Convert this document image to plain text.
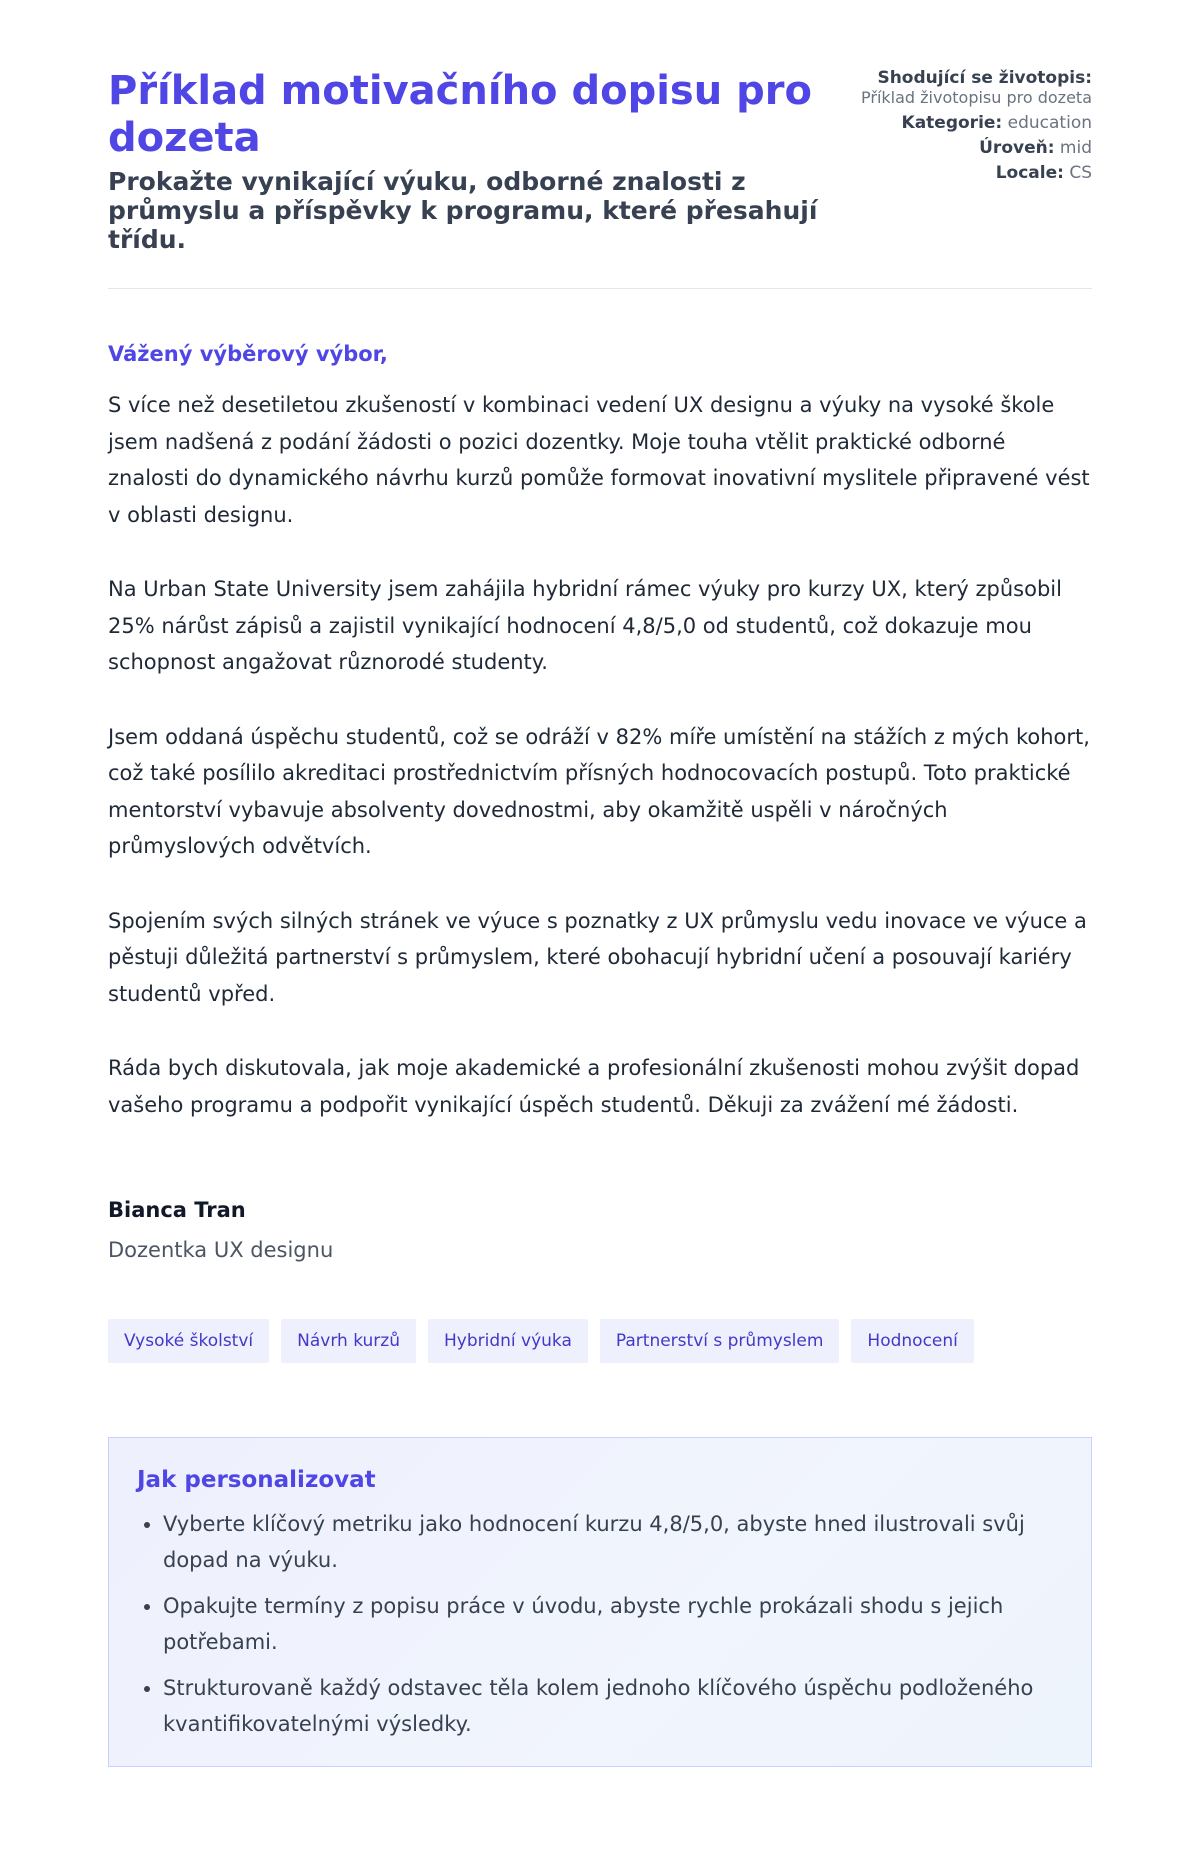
Příklad motivačního dopisu pro dozeta
Prokažte vynikající výuku, odborné znalosti z průmyslu a příspěvky k programu, které přesahují třídu.
Shodující se životopis:
Příklad životopisu pro dozeta
Kategorie: education
Úroveň: mid
Locale: CS

Vážený výběrový výbor,

S více než desetiletou zkušeností v kombinaci vedení UX designu a výuky na vysoké škole jsem nadšená z podání žádosti o pozici dozentky. Moje touha vtělit praktické odborné znalosti do dynamického návrhu kurzů pomůže formovat inovativní myslitele připravené vést v oblasti designu.

Na Urban State University jsem zahájila hybridní rámec výuky pro kurzy UX, který způsobil 25% nárůst zápisů a zajistil vynikající hodnocení 4,8/5,0 od studentů, což dokazuje mou schopnost angažovat různorodé studenty.

Jsem oddaná úspěchu studentů, což se odráží v 82% míře umístění na stážích z mých kohort, což také posílilo akreditaci prostřednictvím přísných hodnocovacích postupů. Toto praktické mentorství vybavuje absolventy dovednostmi, aby okamžitě uspěli v náročných průmyslových odvětvích.

Spojením svých silných stránek ve výuce s poznatky z UX průmyslu vedu inovace ve výuce a pěstuji důležitá partnerství s průmyslem, které obohacují hybridní učení a posouvají kariéry studentů vpřed.

Ráda bych diskutovala, jak moje akademické a profesionální zkušenosti mohou zvýšit dopad vašeho programu a podpořit vynikající úspěch studentů. Děkuji za zvážení mé žádosti.

Bianca Tran
Dozentka UX designu
Vysoké školství	Návrh kurzů	Hybridní výuka	Partnerství s průmyslem	Hodnocení
Jak personalizovat
• Vyberte klíčový metriku jako hodnocení kurzu 4,8/5,0, abyste hned ilustrovali svůj dopad na výuku.
• Opakujte termíny z popisu práce v úvodu, abyste rychle prokázali shodu s jejich potřebami.
• Strukturovaně každý odstavec těla kolem jednoho klíčového úspěchu podloženého kvantifikovatelnými výsledky.
